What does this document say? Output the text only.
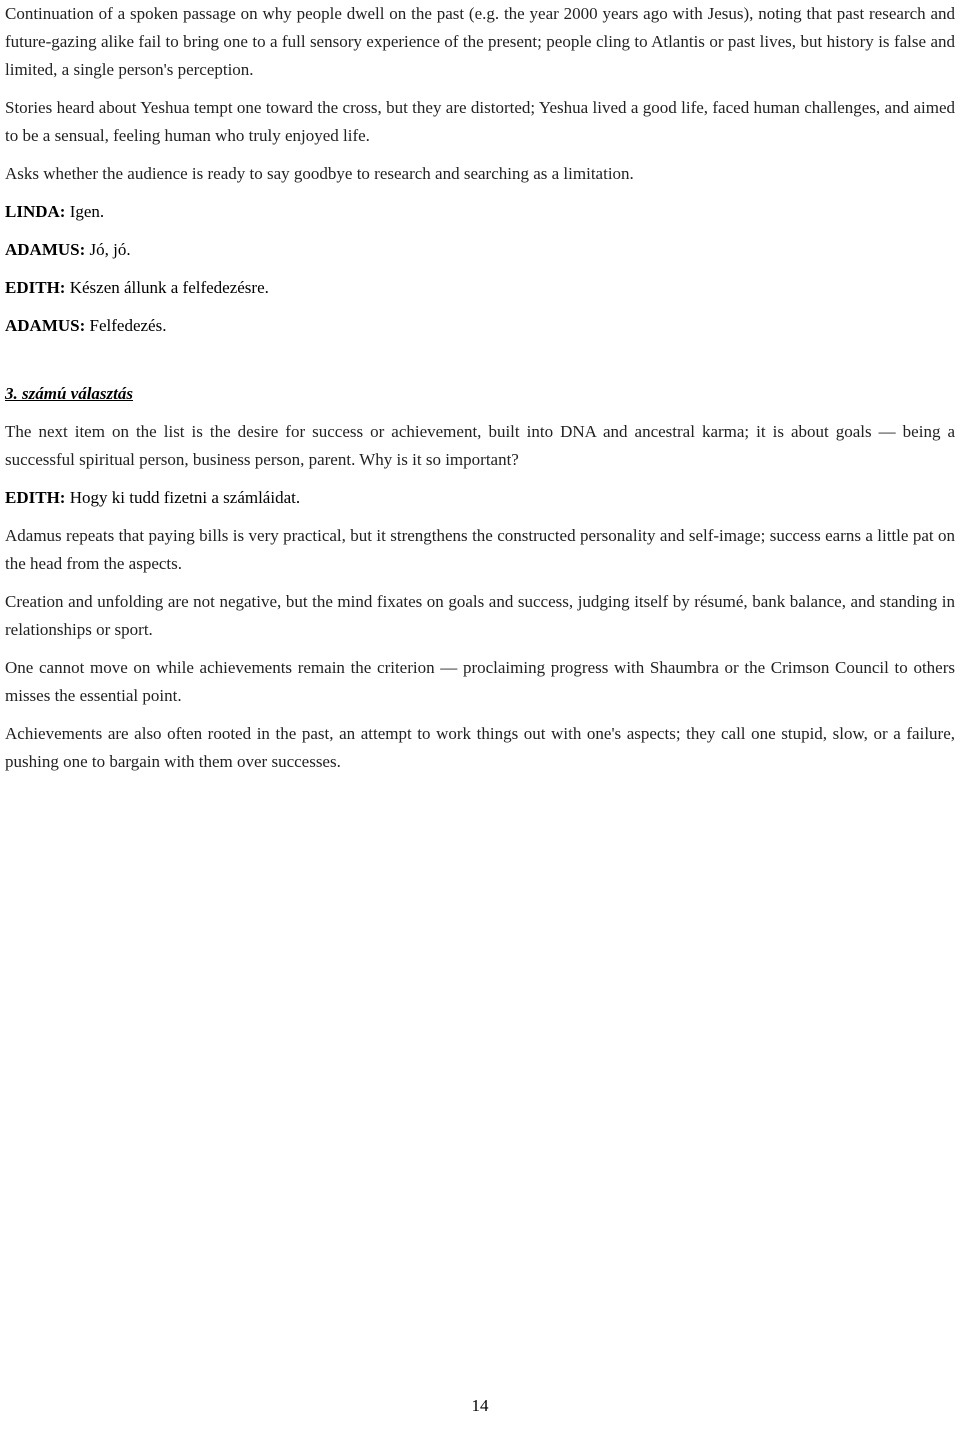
Continuation of a spoken passage on why people dwell on the past (e.g. the year 2000 years ago with Jesus), noting that past research and future-gazing alike fail to bring one to a full sensory experience of the present; people cling to Atlantis or past lives, but history is false and limited, a single person's perception.

Stories heard about Yeshua tempt one toward the cross, but they are distorted; Yeshua lived a good life, faced human challenges, and aimed to be a sensual, feeling human who truly enjoyed life.

Asks whether the audience is ready to say goodbye to research and searching as a limitation.

LINDA: Igen.

ADAMUS: Jó, jó.

EDITH: Készen állunk a felfedezésre.

ADAMUS: Felfedezés.

3. számú választás

The next item on the list is the desire for success or achievement, built into DNA and ancestral karma; it is about goals — being a successful spiritual person, business person, parent. Why is it so important?

EDITH: Hogy ki tudd fizetni a számláidat.

Adamus repeats that paying bills is very practical, but it strengthens the constructed personality and self-image; success earns a little pat on the head from the aspects.

Creation and unfolding are not negative, but the mind fixates on goals and success, judging itself by résumé, bank balance, and standing in relationships or sport.

One cannot move on while achievements remain the criterion — proclaiming progress with Shaumbra or the Crimson Council to others misses the essential point.

Achievements are also often rooted in the past, an attempt to work things out with one's aspects; they call one stupid, slow, or a failure, pushing one to bargain with them over successes.

14
